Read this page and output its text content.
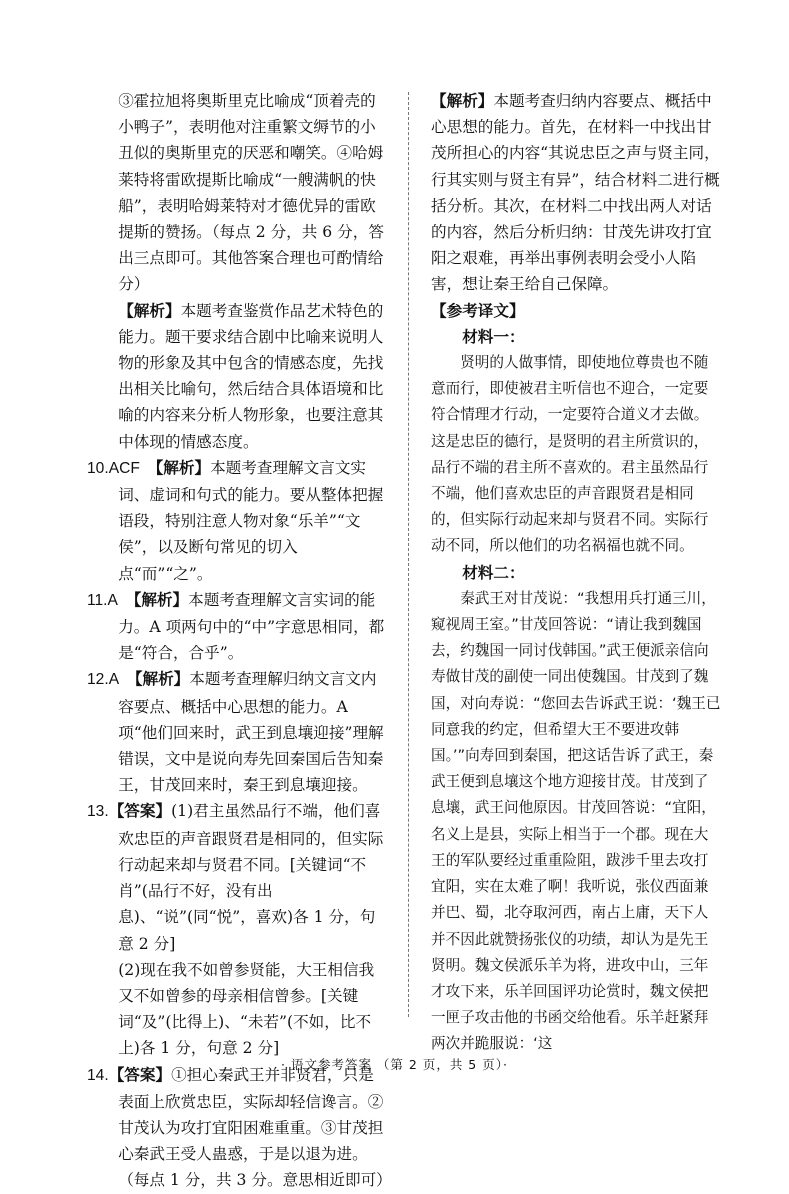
③霍拉旭将奥斯里克比喻成“顶着壳的小鸭子”，表明他对注重繁文缛节的小丑似的奥斯里克的厌恶和嘲笑。④哈姆莱特将雷欧提斯比喻成“一艘满帆的快船”，表明哈姆莱特对才德优异的雷欧提斯的赞扬。（每点 2 分，共 6 分，答出三点即可。其他答案合理也可酌情给分）

【解析】本题考查鉴赏作品艺术特色的能力。题干要求结合剧中比喻来说明人物的形象及其中包含的情感态度，先找出相关比喻句，然后结合具体语境和比喻的内容来分析人物形象，也要注意其中体现的情感态度。

10.ACF　 【解析】本题考查理解文言文实词、虚词和句式的能力。要从整体把握语段，特别注意人物对象“乐羊”“文侯”，以及断句常见的切入点“而”“之”。

11.A　 【解析】本题考查理解文言实词的能力。A 项两句中的“中”字意思相同，都是“符合，合乎”。

12.A　 【解析】本题考查理解归纳文言文内容要点、概括中心思想的能力。A 项“他们回来时，武王到息壤迎接”理解错误，文中是说向寿先回秦国后告知秦王，甘茂回来时，秦王到息壤迎接。

13.【答案】(1)君主虽然品行不端，他们喜欢忠臣的声音跟贤君是相同的，但实际行动起来却与贤君不同。[关键词“不肖”(品行不好，没有出息)、“说”(同“悦”，喜欢)各 1 分，句意 2 分]

(2)现在我不如曾参贤能，大王相信我又不如曾参的母亲相信曾参。[关键词“及”(比得上)、“未若”(不如，比不上)各 1 分，句意 2 分]

14.【答案】①担心秦武王并非贤君，只是表面上欣赏忠臣，实际却轻信谗言。②甘茂认为攻打宜阳困难重重。③甘茂担心秦武王受人蛊惑，于是以退为进。（每点 1 分，共 3 分。意思相近即可）

【解析】本题考查归纳内容要点、概括中心思想的能力。首先，在材料一中找出甘茂所担心的内容“其说忠臣之声与贤主同，行其实则与贤主有异”，结合材料二进行概括分析。其次，在材料二中找出两人对话的内容，然后分析归纳：甘茂先讲攻打宜阳之艰难，再举出事例表明会受小人陷害，想让秦王给自己保障。

【参考译文】

材料一：

贤明的人做事情，即使地位尊贵也不随意而行，即使被君主听信也不迎合，一定要符合情理才行动，一定要符合道义才去做。这是忠臣的德行，是贤明的君主所赏识的，品行不端的君主所不喜欢的。君主虽然品行不端，他们喜欢忠臣的声音跟贤君是相同的，但实际行动起来却与贤君不同。实际行动不同，所以他们的功名祸福也就不同。

材料二：

秦武王对甘茂说：“我想用兵打通三川，窥视周王室。”甘茂回答说：“请让我到魏国去，约魏国一同讨伐韩国。”武王便派亲信向寿做甘茂的副使一同出使魏国。甘茂到了魏国，对向寿说：“您回去告诉武王说：‘魏王已同意我的约定，但希望大王不要进攻韩国。’”向寿回到秦国，把这话告诉了武王，秦武王便到息壤这个地方迎接甘茂。甘茂到了息壤，武王问他原因。甘茂回答说：“宜阳，名义上是县，实际上相当于一个郡。现在大王的军队要经过重重险阻，跋涉千里去攻打宜阳，实在太难了啊！我听说，张仪西面兼并巴、蜀，北夺取河西，南占上庸，天下人并不因此就赞扬张仪的功绩，却认为是先王贤明。魏文侯派乐羊为将，进攻中山，三年才攻下来，乐羊回国评功论赏时，魏文侯把一匣子攻击他的书函交给他看。乐羊赶紧拜两次并跪服说：‘这

· 语文参考答案 （第 2 页，共 5 页）·
